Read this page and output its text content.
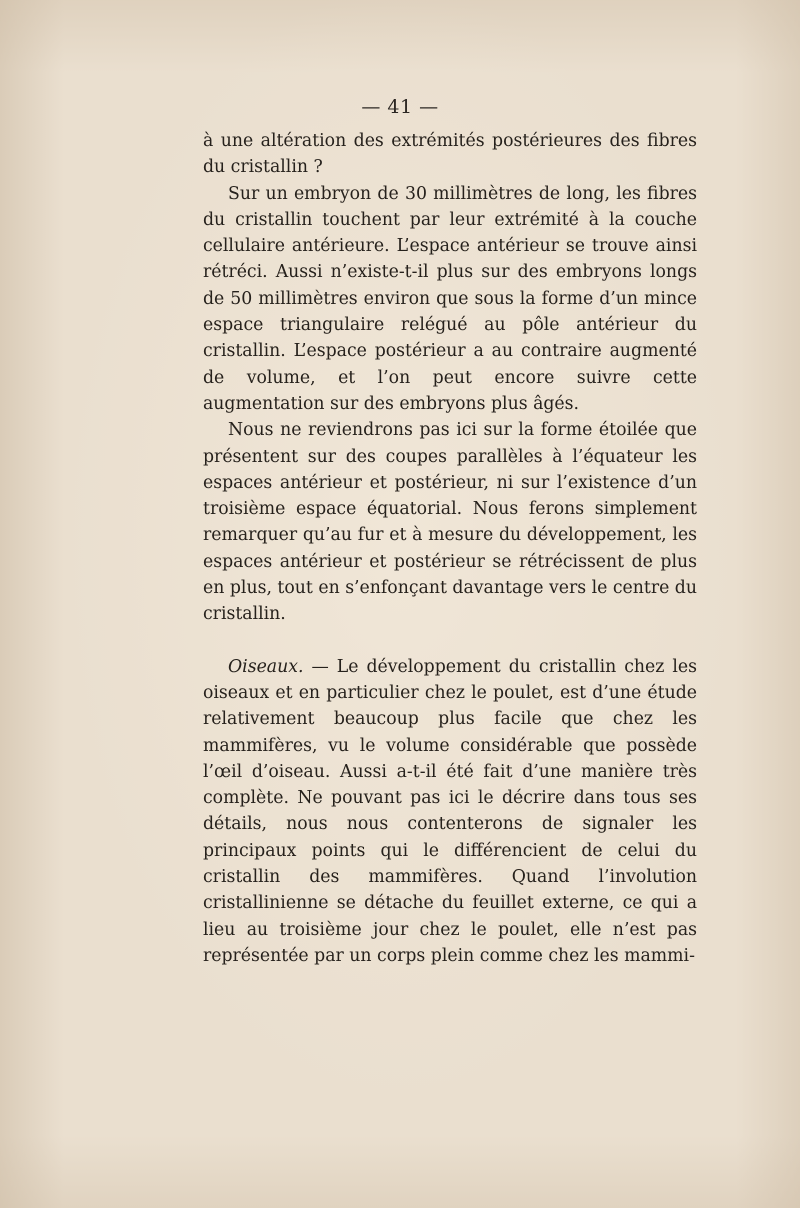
— 41 —

à une altération des extrémités postérieures des fibres du cristallin ?

Sur un embryon de 30 millimètres de long, les fibres du cristallin touchent par leur extrémité à la couche cellulaire antérieure. L’espace antérieur se trouve ainsi rétréci. Aussi n’existe-t-il plus sur des embryons longs de 50 millimètres environ que sous la forme d’un mince espace triangulaire relégué au pôle antérieur du cristallin. L’espace postérieur a au contraire augmenté de volume, et l’on peut encore suivre cette augmentation sur des embryons plus âgés.

Nous ne reviendrons pas ici sur la forme étoilée que présentent sur des coupes parallèles à l’équateur les espaces antérieur et postérieur, ni sur l’existence d’un troisième espace équatorial. Nous ferons simplement remarquer qu’au fur et à mesure du développement, les espaces antérieur et postérieur se rétrécissent de plus en plus, tout en s’enfonçant davantage vers le centre du cristallin.

Oiseaux. — Le développement du cristallin chez les oiseaux et en particulier chez le poulet, est d’une étude relativement beaucoup plus facile que chez les mammifères, vu le volume considérable que possède l’œil d’oiseau. Aussi a-t-il été fait d’une manière très complète. Ne pouvant pas ici le décrire dans tous ses détails, nous nous contenterons de signaler les principaux points qui le différencient de celui du cristallin des mammifères. Quand l’involution cristallinienne se détache du feuillet externe, ce qui a lieu au troisième jour chez le poulet, elle n’est pas représentée par un corps plein comme chez les mammi-
